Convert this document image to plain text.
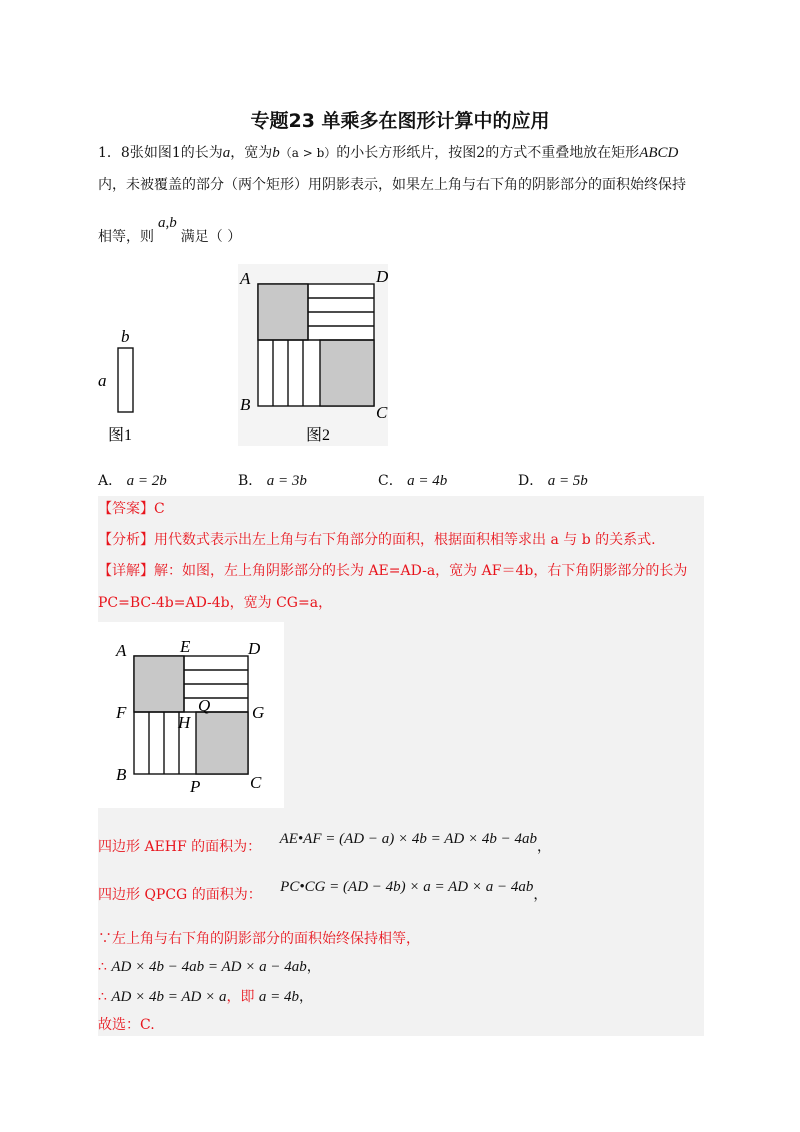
专题23 单乘多在图形计算中的应用
1．8张如图1的长为a，宽为b（a > b）的小长方形纸片，按图2的方式不重叠地放在矩形ABCD
内，未被覆盖的部分（两个矩形）用阴影表示，如果左上角与右下角的阴影部分的面积始终保持
相等，则a,b满足（ ）
b
a
图1
A	D
B	C
图2
A． a = 2b	B． a = 3b	C． a = 4b	D． a = 5b
【答案】C
【分析】用代数式表示出左上角与右下角部分的面积，根据面积相等求出 a 与 b 的关系式.
【详解】解：如图，左上角阴影部分的长为 AE=AD-a，宽为 AF＝4b，右下角阴影部分的长为
PC=BC-4b=AD-4b，宽为 CG=a，
A	E	D
F	Q G
H
B
P	C
四边形 AEHF 的面积为： AE•AF = (AD − a) × 4b = AD × 4b − 4ab，
四边形 QPCG 的面积为： PC•CG = (AD − 4b) × a = AD × a − 4ab，
∵左上角与右下角的阴影部分的面积始终保持相等，
∴ AD × 4b − 4ab = AD × a − 4ab，
∴ AD × 4b = AD × a，即 a = 4b，
故选：C.
